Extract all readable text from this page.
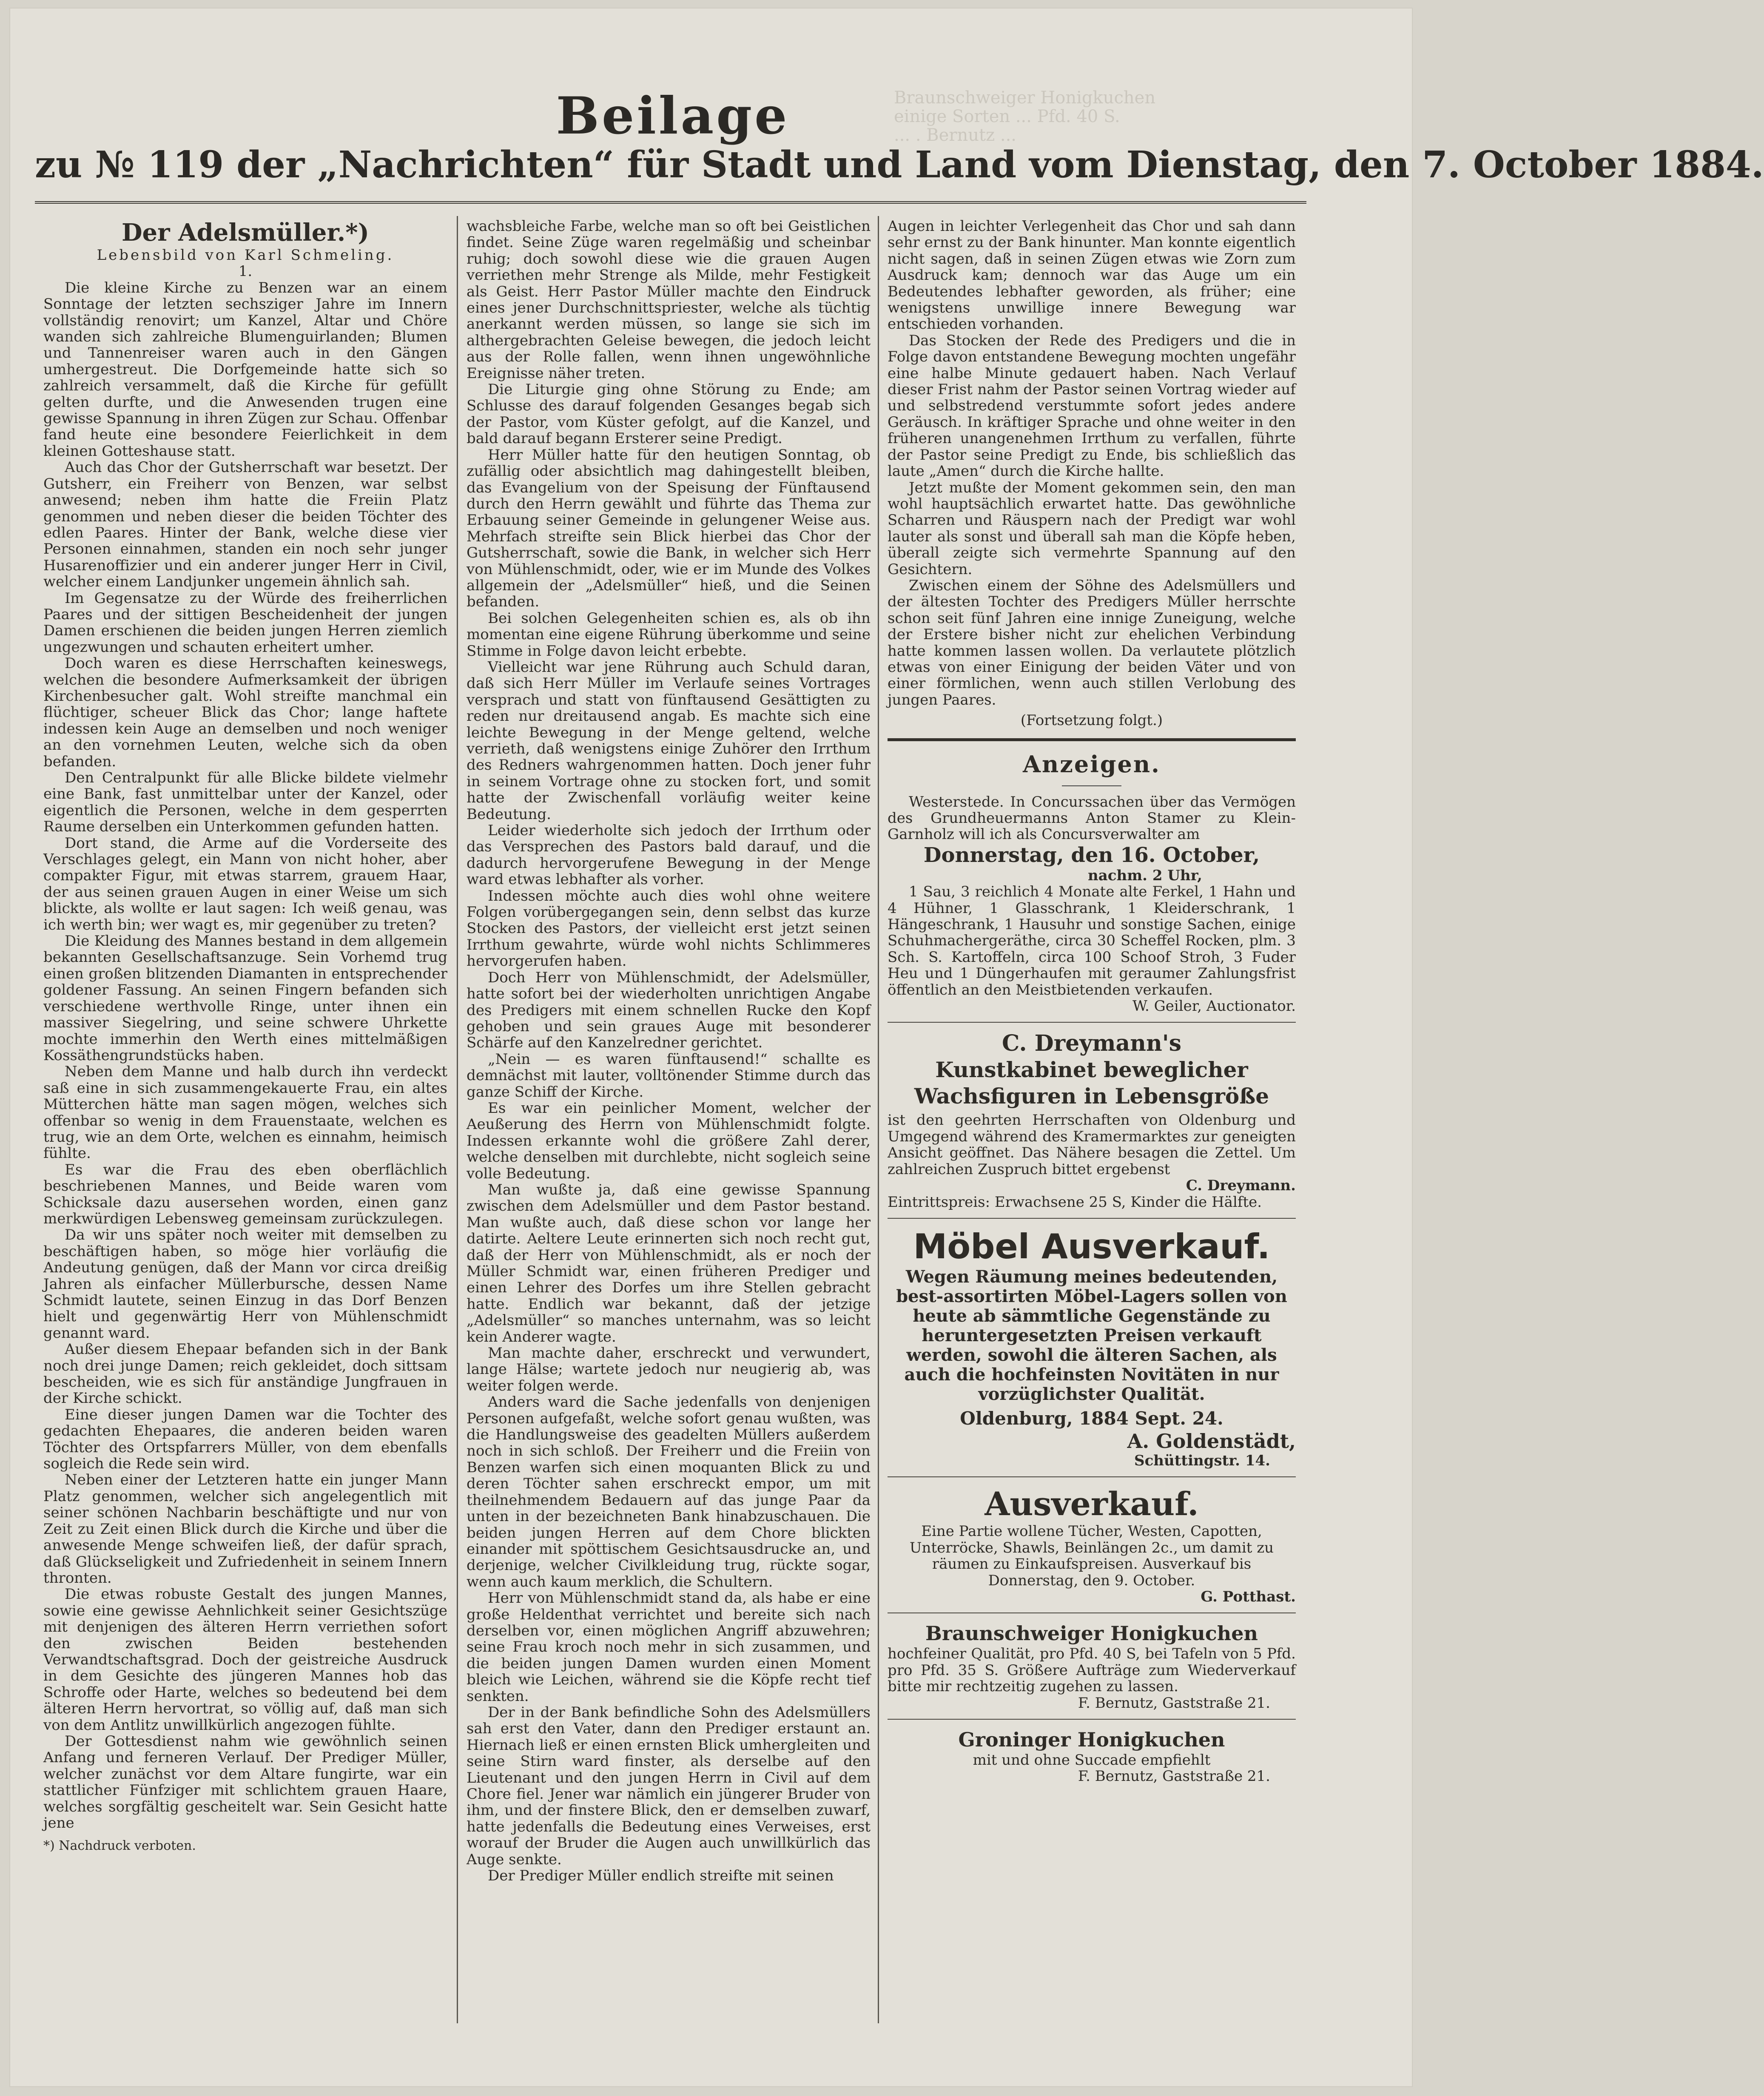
Braunschweiger Honigkuchen
einige Sorten ... Pfd. 40 S.
... . Bernutz ...
Beilage
zu № 119 der „Nachrichten“ für Stadt und Land vom Dienstag, den 7. October 1884.
Der Adelsmüller.*)
Lebensbild von Karl Schmeling.
1.

Die kleine Kirche zu Benzen war an einem Sonntage der letzten sechsziger Jahre im Innern vollständig renovirt; um Kanzel, Altar und Chöre wanden sich zahlreiche Blumenguirlanden; Blumen und Tannenreiser waren auch in den Gängen umhergestreut. Die Dorfgemeinde hatte sich so zahlreich versammelt, daß die Kirche für gefüllt gelten durfte, und die Anwesenden trugen eine gewisse Spannung in ihren Zügen zur Schau. Offenbar fand heute eine besondere Feierlichkeit in dem kleinen Gotteshause statt.

Auch das Chor der Gutsherrschaft war besetzt. Der Gutsherr, ein Freiherr von Benzen, war selbst anwesend; neben ihm hatte die Freiin Platz genommen und neben dieser die beiden Töchter des edlen Paares. Hinter der Bank, welche diese vier Personen einnahmen, standen ein noch sehr junger Husarenoffizier und ein anderer junger Herr in Civil, welcher einem Landjunker ungemein ähnlich sah.

Im Gegensatze zu der Würde des freiherrlichen Paares und der sittigen Bescheidenheit der jungen Damen erschienen die beiden jungen Herren ziemlich ungezwungen und schauten erheitert umher.

Doch waren es diese Herrschaften keineswegs, welchen die besondere Aufmerksamkeit der übrigen Kirchenbesucher galt. Wohl streifte manchmal ein flüchtiger, scheuer Blick das Chor; lange haftete indessen kein Auge an demselben und noch weniger an den vornehmen Leuten, welche sich da oben befanden.

Den Centralpunkt für alle Blicke bildete vielmehr eine Bank, fast unmittelbar unter der Kanzel, oder eigentlich die Personen, welche in dem gesperrten Raume derselben ein Unterkommen gefunden hatten.

Dort stand, die Arme auf die Vorderseite des Verschlages gelegt, ein Mann von nicht hoher, aber compakter Figur, mit etwas starrem, grauem Haar, der aus seinen grauen Augen in einer Weise um sich blickte, als wollte er laut sagen: Ich weiß genau, was ich werth bin; wer wagt es, mir gegenüber zu treten?

Die Kleidung des Mannes bestand in dem allgemein bekannten Gesellschaftsanzuge. Sein Vorhemd trug einen großen blitzenden Diamanten in entsprechender goldener Fassung. An seinen Fingern befanden sich verschiedene werthvolle Ringe, unter ihnen ein massiver Siegelring, und seine schwere Uhrkette mochte immerhin den Werth eines mittelmäßigen Kossäthengrundstücks haben.

Neben dem Manne und halb durch ihn verdeckt saß eine in sich zusammengekauerte Frau, ein altes Mütterchen hätte man sagen mögen, welches sich offenbar so wenig in dem Frauenstaate, welchen es trug, wie an dem Orte, welchen es einnahm, heimisch fühlte.

Es war die Frau des eben oberflächlich beschriebenen Mannes, und Beide waren vom Schicksale dazu ausersehen worden, einen ganz merkwürdigen Lebensweg gemeinsam zurückzulegen.

Da wir uns später noch weiter mit demselben zu beschäftigen haben, so möge hier vorläufig die Andeutung genügen, daß der Mann vor circa dreißig Jahren als einfacher Müllerbursche, dessen Name Schmidt lautete, seinen Einzug in das Dorf Benzen hielt und gegenwärtig Herr von Mühlenschmidt genannt ward.

Außer diesem Ehepaar befanden sich in der Bank noch drei junge Damen; reich gekleidet, doch sittsam bescheiden, wie es sich für anständige Jungfrauen in der Kirche schickt.

Eine dieser jungen Damen war die Tochter des gedachten Ehepaares, die anderen beiden waren Töchter des Ortspfarrers Müller, von dem ebenfalls sogleich die Rede sein wird.

Neben einer der Letzteren hatte ein junger Mann Platz genommen, welcher sich angelegentlich mit seiner schönen Nachbarin beschäftigte und nur von Zeit zu Zeit einen Blick durch die Kirche und über die anwesende Menge schweifen ließ, der dafür sprach, daß Glückseligkeit und Zufriedenheit in seinem Innern thronten.

Die etwas robuste Gestalt des jungen Mannes, sowie eine gewisse Aehnlichkeit seiner Gesichtszüge mit denjenigen des älteren Herrn verriethen sofort den zwischen Beiden bestehenden Verwandtschaftsgrad. Doch der geistreiche Ausdruck in dem Gesichte des jüngeren Mannes hob das Schroffe oder Harte, welches so bedeutend bei dem älteren Herrn hervortrat, so völlig auf, daß man sich von dem Antlitz unwillkürlich angezogen fühlte.

Der Gottesdienst nahm wie gewöhnlich seinen Anfang und ferneren Verlauf. Der Prediger Müller, welcher zunächst vor dem Altare fungirte, war ein stattlicher Fünfziger mit schlichtem grauen Haare, welches sorgfältig gescheitelt war. Sein Gesicht hatte jene

*) Nachdruck verboten.

wachsbleiche Farbe, welche man so oft bei Geistlichen findet. Seine Züge waren regelmäßig und scheinbar ruhig; doch sowohl diese wie die grauen Augen verriethen mehr Strenge als Milde, mehr Festigkeit als Geist. Herr Pastor Müller machte den Eindruck eines jener Durchschnittspriester, welche als tüchtig anerkannt werden müssen, so lange sie sich im althergebrachten Geleise bewegen, die jedoch leicht aus der Rolle fallen, wenn ihnen ungewöhnliche Ereignisse näher treten.

Die Liturgie ging ohne Störung zu Ende; am Schlusse des darauf folgenden Gesanges begab sich der Pastor, vom Küster gefolgt, auf die Kanzel, und bald darauf begann Ersterer seine Predigt.

Herr Müller hatte für den heutigen Sonntag, ob zufällig oder absichtlich mag dahingestellt bleiben, das Evangelium von der Speisung der Fünftausend durch den Herrn gewählt und führte das Thema zur Erbauung seiner Gemeinde in gelungener Weise aus. Mehrfach streifte sein Blick hierbei das Chor der Gutsherrschaft, sowie die Bank, in welcher sich Herr von Mühlenschmidt, oder, wie er im Munde des Volkes allgemein der „Adelsmüller“ hieß, und die Seinen befanden.

Bei solchen Gelegenheiten schien es, als ob ihn momentan eine eigene Rührung überkomme und seine Stimme in Folge davon leicht erbebte.

Vielleicht war jene Rührung auch Schuld daran, daß sich Herr Müller im Verlaufe seines Vortrages versprach und statt von fünftausend Gesättigten zu reden nur dreitausend angab. Es machte sich eine leichte Bewegung in der Menge geltend, welche verrieth, daß wenigstens einige Zuhörer den Irrthum des Redners wahrgenommen hatten. Doch jener fuhr in seinem Vortrage ohne zu stocken fort, und somit hatte der Zwischenfall vorläufig weiter keine Bedeutung.

Leider wiederholte sich jedoch der Irrthum oder das Versprechen des Pastors bald darauf, und die dadurch hervorgerufene Bewegung in der Menge ward etwas lebhafter als vorher.

Indessen möchte auch dies wohl ohne weitere Folgen vorübergegangen sein, denn selbst das kurze Stocken des Pastors, der vielleicht erst jetzt seinen Irrthum gewahrte, würde wohl nichts Schlimmeres hervorgerufen haben.

Doch Herr von Mühlenschmidt, der Adelsmüller, hatte sofort bei der wiederholten unrichtigen Angabe des Predigers mit einem schnellen Rucke den Kopf gehoben und sein graues Auge mit besonderer Schärfe auf den Kanzelredner gerichtet.

„Nein — es waren fünftausend!“ schallte es demnächst mit lauter, volltönender Stimme durch das ganze Schiff der Kirche.

Es war ein peinlicher Moment, welcher der Aeußerung des Herrn von Mühlenschmidt folgte. Indessen erkannte wohl die größere Zahl derer, welche denselben mit durchlebte, nicht sogleich seine volle Bedeutung.

Man wußte ja, daß eine gewisse Spannung zwischen dem Adelsmüller und dem Pastor bestand. Man wußte auch, daß diese schon vor lange her datirte. Aeltere Leute erinnerten sich noch recht gut, daß der Herr von Mühlenschmidt, als er noch der Müller Schmidt war, einen früheren Prediger und einen Lehrer des Dorfes um ihre Stellen gebracht hatte. Endlich war bekannt, daß der jetzige „Adelsmüller“ so manches unternahm, was so leicht kein Anderer wagte.

Man machte daher, erschreckt und verwundert, lange Hälse; wartete jedoch nur neugierig ab, was weiter folgen werde.

Anders ward die Sache jedenfalls von denjenigen Personen aufgefaßt, welche sofort genau wußten, was die Handlungsweise des geadelten Müllers außerdem noch in sich schloß. Der Freiherr und die Freiin von Benzen warfen sich einen moquanten Blick zu und deren Töchter sahen erschreckt empor, um mit theilnehmendem Bedauern auf das junge Paar da unten in der bezeichneten Bank hinabzuschauen. Die beiden jungen Herren auf dem Chore blickten einander mit spöttischem Gesichtsausdrucke an, und derjenige, welcher Civilkleidung trug, rückte sogar, wenn auch kaum merklich, die Schultern.

Herr von Mühlenschmidt stand da, als habe er eine große Heldenthat verrichtet und bereite sich nach derselben vor, einen möglichen Angriff abzuwehren; seine Frau kroch noch mehr in sich zusammen, und die beiden jungen Damen wurden einen Moment bleich wie Leichen, während sie die Köpfe recht tief senkten.

Der in der Bank befindliche Sohn des Adelsmüllers sah erst den Vater, dann den Prediger erstaunt an. Hiernach ließ er einen ernsten Blick umhergleiten und seine Stirn ward finster, als derselbe auf den Lieutenant und den jungen Herrn in Civil auf dem Chore fiel. Jener war nämlich ein jüngerer Bruder von ihm, und der finstere Blick, den er demselben zuwarf, hatte jedenfalls die Bedeutung eines Verweises, erst worauf der Bruder die Augen auch unwillkürlich das Auge senkte.

Der Prediger Müller endlich streifte mit seinen

Augen in leichter Verlegenheit das Chor und sah dann sehr ernst zu der Bank hinunter. Man konnte eigentlich nicht sagen, daß in seinen Zügen etwas wie Zorn zum Ausdruck kam; dennoch war das Auge um ein Bedeutendes lebhafter geworden, als früher; eine wenigstens unwillige innere Bewegung war entschieden vorhanden.

Das Stocken der Rede des Predigers und die in Folge davon entstandene Bewegung mochten ungefähr eine halbe Minute gedauert haben. Nach Verlauf dieser Frist nahm der Pastor seinen Vortrag wieder auf und selbstredend verstummte sofort jedes andere Geräusch. In kräftiger Sprache und ohne weiter in den früheren unangenehmen Irrthum zu verfallen, führte der Pastor seine Predigt zu Ende, bis schließlich das laute „Amen“ durch die Kirche hallte.

Jetzt mußte der Moment gekommen sein, den man wohl hauptsächlich erwartet hatte. Das gewöhnliche Scharren und Räuspern nach der Predigt war wohl lauter als sonst und überall sah man die Köpfe heben, überall zeigte sich vermehrte Spannung auf den Gesichtern.

Zwischen einem der Söhne des Adelsmüllers und der ältesten Tochter des Predigers Müller herrschte schon seit fünf Jahren eine innige Zuneigung, welche der Erstere bisher nicht zur ehelichen Verbindung hatte kommen lassen wollen. Da verlautete plötzlich etwas von einer Einigung der beiden Väter und von einer förmlichen, wenn auch stillen Verlobung des jungen Paares.

(Fortsetzung folgt.)
Anzeigen.

Westerstede. In Concurssachen über das Vermögen des Grundheuermanns Anton Stamer zu Klein-Garnholz will ich als Concursverwalter am

Donnerstag, den 16. October,
nachm. 2 Uhr,

1 Sau, 3 reichlich 4 Monate alte Ferkel, 1 Hahn und 4 Hühner, 1 Glasschrank, 1 Kleiderschrank, 1 Hängeschrank, 1 Hausuhr und sonstige Sachen, einige Schuhmachergeräthe, circa 30 Scheffel Rocken, plm. 3 Sch. S. Kartoffeln, circa 100 Schoof Stroh, 3 Fuder Heu und 1 Düngerhaufen mit geraumer Zahlungsfrist öffentlich an den Meistbietenden verkaufen.

W. Geiler, Auctionator.
C. Dreymann's
Kunstkabinet beweglicher Wachsfiguren in Lebensgröße

ist den geehrten Herrschaften von Oldenburg und Umgegend während des Kramermarktes zur geneigten Ansicht geöffnet. Das Nähere besagen die Zettel. Um zahlreichen Zuspruch bittet ergebenst

C. Dreymann.

Eintrittspreis: Erwachsene 25 S, Kinder die Hälfte.

Möbel Ausverkauf.

Wegen Räumung meines bedeutenden, best-assortirten Möbel-Lagers sollen von heute ab sämmtliche Gegenstände zu heruntergesetzten Preisen verkauft werden, sowohl die älteren Sachen, als auch die hochfeinsten Novitäten in nur vorzüglichster Qualität.

Oldenburg, 1884 Sept. 24.
A. Goldenstädt,
Schüttingstr. 14.
Ausverkauf.

Eine Partie wollene Tücher, Westen, Capotten, Unterröcke, Shawls, Beinlängen 2c., um damit zu räumen zu Einkaufspreisen. Ausverkauf bis Donnerstag, den 9. October.

G. Potthast.
Braunschweiger Honigkuchen

hochfeiner Qualität, pro Pfd. 40 S, bei Tafeln von 5 Pfd. pro Pfd. 35 S. Größere Aufträge zum Wiederverkauf bitte mir rechtzeitig zugehen zu lassen.

F. Bernutz, Gaststraße 21.
Groninger Honigkuchen
mit und ohne Succade empfiehlt
F. Bernutz, Gaststraße 21.
